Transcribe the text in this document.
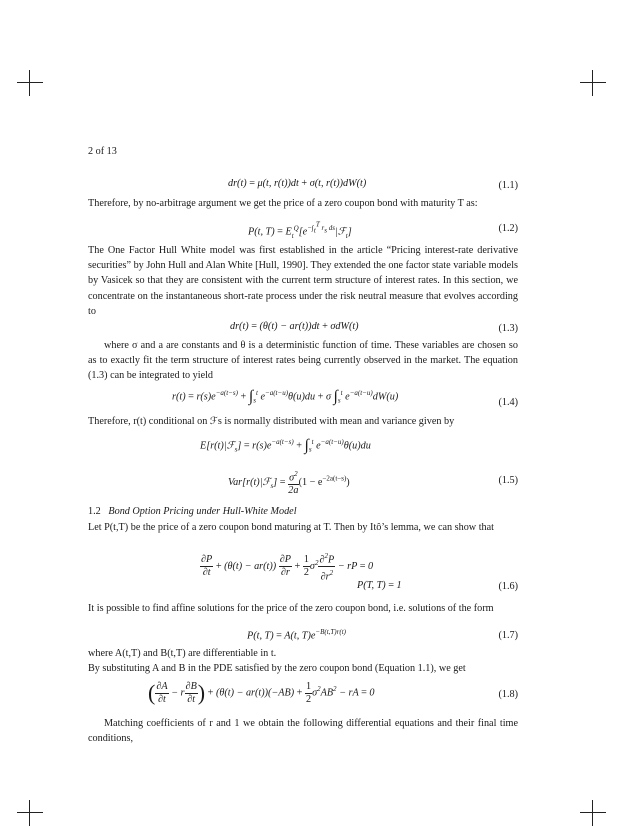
2 of 13
dr(t) = μ(t, r(t))dt + σ(t, r(t))dW(t)	(1.1)
Therefore, by no-arbitrage argument we get the price of a zero coupon bond with maturity T as:
P(t, $T) = E_t^Q[e^{-\int_t^T r_s ds}|ℱ_t]$	(1.2)
The One Factor Hull White model was first established in the article “Pricing interest-rate derivative securities” by John Hull and Alan White [Hull, 1990]. They extended the one factor state variable models by Vasicek so that they are consistent with the current term structure of interest rates. In this section, we concentrate on the instantaneous short-rate process under the risk neutral measure that evolves according to
dr(t) = (θ(t) − ar(t))dt + σdW(t)	(1.3)
where σ and a are constants and θ is a deterministic function of time. These variables are chosen so as to exactly fit the term structure of interest rates being currently observed in the market. The equation (1.3) can be integrated to yield
$r(t) = r(s)e^{-a(t-s)} + \int_s^t$ $e^{-a(t-u)}\theta(u)du + \sigma$ $\int_s^t$ $e^{-a(t-u)}dW(u)$
(1.4)
Therefore, r(t) conditional on ℱs is normally distributed with mean and variance given by
E[r(t)|ℱ$_s$] = $r(s)e^{-a(t-s)} + \int_s^t$ $e^{-a(t-u)}\theta(u)du$
Var[r(t)|ℱ$_s$] = $\frac{\sigma^2}{2a} (1 - e^{-2a(t-s)})$	(1.5)
1.2 Bond Option Pricing under Hull-White Model
Let P(t,T) be the price of a zero coupon bond maturing at T. Then by Itô’s lemma, we can show that
$\frac{\partial P}{\partial t} + (\theta(t) - ar(t)) \frac{\partial P}{\partial r} + \frac{1}{2} \sigma^2 \frac{\partial^2P}{\partial r^2}$ − rP = 0
P(T, T) = 1	(1.6)
It is possible to find affine solutions for the price of the zero coupon bond, i.e. solutions of the form
P(t, T) = A(t, $T)e^{-B(t,T)r(t)}$	(1.7)
where A(t,T) and B(t,T) are differentiable in t.
By substituting A and B in the PDE satisfied by the zero coupon bond (Equation 1.1), we get
( $\frac{\partial A}{\partial t} - r \frac{\partial B}{\partial t}$ ) + $(\theta(t) - ar(t))(-AB) + \frac{1}{2} \sigma^2AB^2$ − rA = 0	(1.8)
Matching coefficients of r and 1 we obtain the following differential equations and their final time conditions,
